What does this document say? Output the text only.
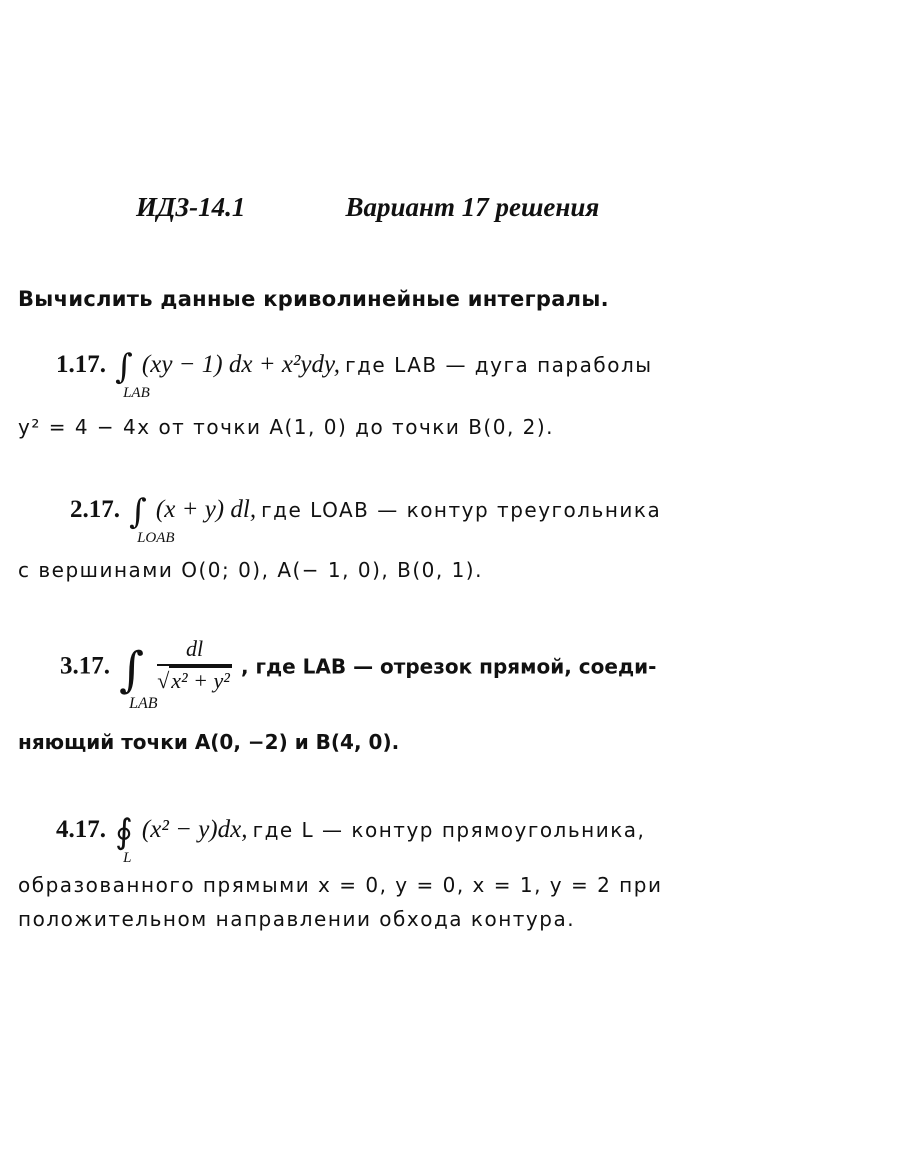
ИДЗ-14.1	Вариант 17 решения
Вычислить данные криволинейные интегралы.
1.17. ∫
LAB
(xy − 1) dx + x²ydy, где LAB — дуга параболы
y² = 4 − 4x от точки A(1, 0) до точки B(0, 2).
2.17. ∫
LOAB
(x + y) dl, где LOAB — контур треугольника
с вершинами O(0; 0), A(− 1, 0), B(0, 1).
3.17. ∫
LAB

$\frac{dl}{\text{√x² + y²}}$ , где LAB — отрезок прямой, соеди-
няющий точки A(0, −2) и B(4, 0).
4.17. ∮
L
(x² − y)dx, где L — контур прямоугольника,
образованного прямыми x = 0, y = 0, x = 1, y = 2 при
положительном направлении обхода контура.
